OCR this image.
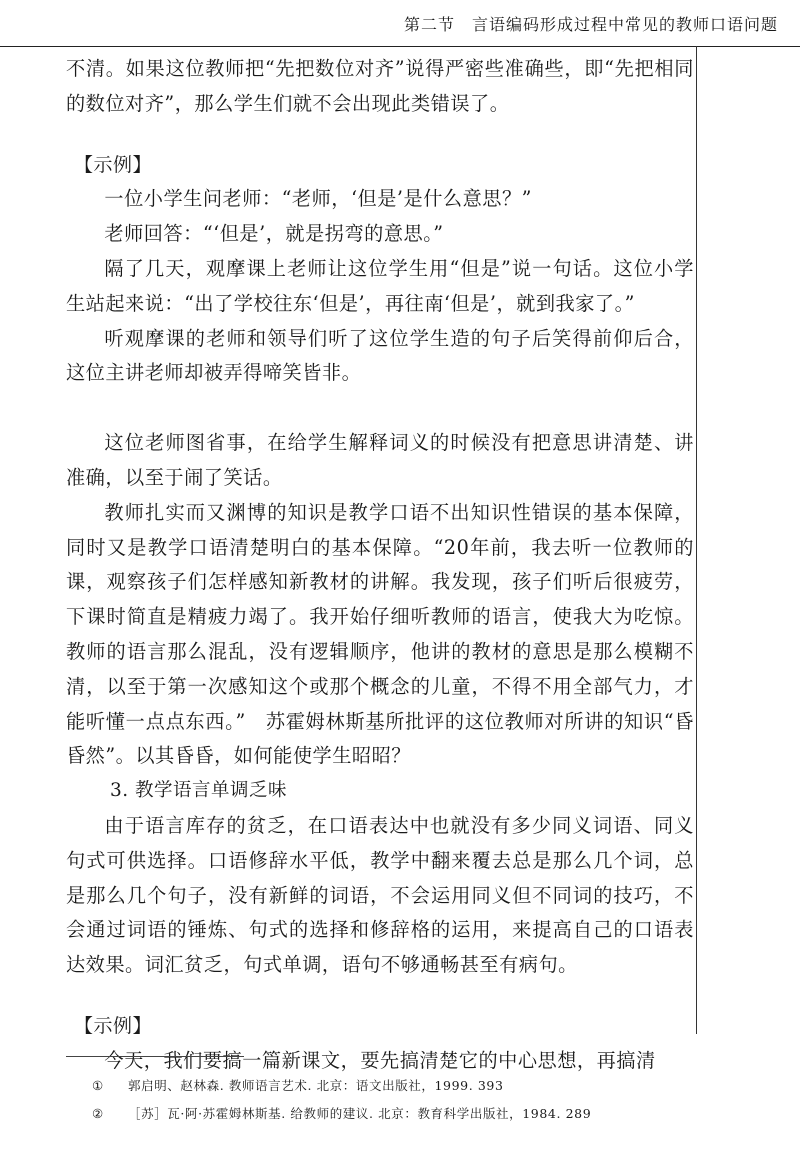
第二节　言语编码形成过程中常见的教师口语问题

不清。如果这位教师把“先把数位对齐”说得严密些准确些，即“先把相同的数位对齐”，那么学生们就不会出现此类错误了。

【示例】

一位小学生问老师：“老师，‘但是’是什么意思？”

老师回答：“‘但是’，就是拐弯的意思。”

隔了几天，观摩课上老师让这位学生用“但是”说一句话。这位小学生站起来说：“出了学校往东‘但是’，再往南‘但是’，就到我家了。”

听观摩课的老师和领导们听了这位学生造的句子后笑得前仰后合，这位主讲老师却被弄得啼笑皆非。

这位老师图省事，在给学生解释词义的时候没有把意思讲清楚、讲准确，以至于闹了笑话。

教师扎实而又渊博的知识是教学口语不出知识性错误的基本保障，同时又是教学口语清楚明白的基本保障。“20年前，我去听一位教师的课，观察孩子们怎样感知新教材的讲解。我发现，孩子们听后很疲劳，下课时简直是精疲力竭了。我开始仔细听教师的语言，使我大为吃惊。教师的语言那么混乱，没有逻辑顺序，他讲的教材的意思是那么模糊不清，以至于第一次感知这个或那个概念的儿童，不得不用全部气力，才能听懂一点点东西。”　苏霍姆林斯基所批评的这位教师对所讲的知识“昏昏然”。以其昏昏，如何能使学生昭昭？

3. 教学语言单调乏味

由于语言库存的贫乏，在口语表达中也就没有多少同义词语、同义句式可供选择。口语修辞水平低，教学中翻来覆去总是那么几个词，总是那么几个句子，没有新鲜的词语，不会运用同义但不同词的技巧，不会通过词语的锤炼、句式的选择和修辞格的运用，来提高自己的口语表达效果。词汇贫乏，句式单调，语句不够通畅甚至有病句。

【示例】

今天，我们要搞一篇新课文，要先搞清楚它的中心思想，再搞清

① 郭启明、赵林森. 教师语言艺术. 北京：语文出版社，1999. 393
② ［苏］瓦·阿·苏霍姆林斯基. 给教师的建议. 北京：教育科学出版社，1984. 289
